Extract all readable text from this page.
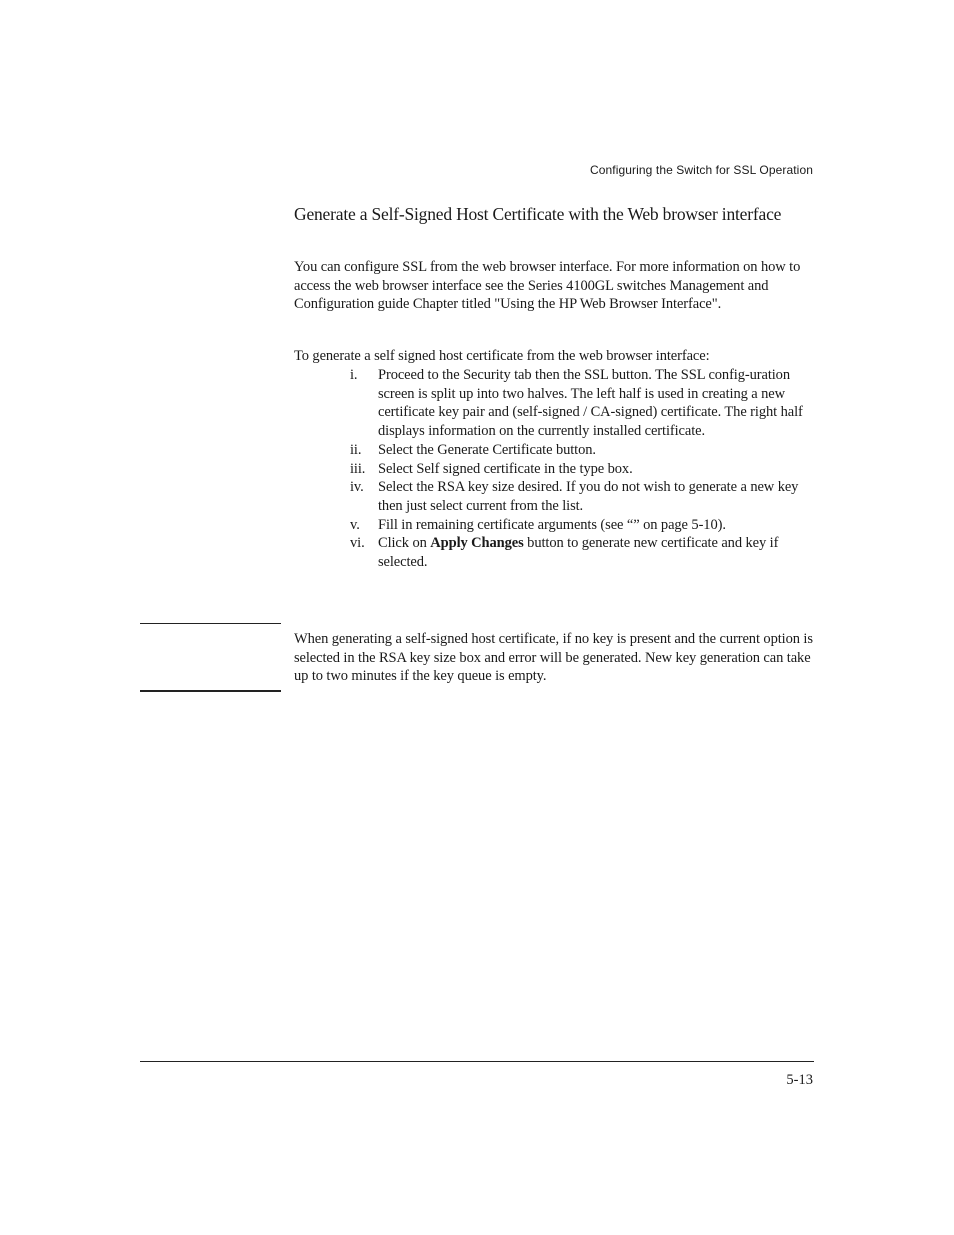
Configuring the Switch for SSL Operation
Generate a Self-Signed Host Certificate with the Web browser interface
You can configure SSL from the web browser interface. For more information on how to access the web browser interface see the Series 4100GL switches Management and Configuration guide Chapter titled "Using the HP Web Browser Interface".
To generate a self signed host certificate from the web browser interface:
i. Proceed to the Security tab then the SSL button. The SSL config-uration screen is split up into two halves. The left half is used in creating a new certificate key pair and (self-signed / CA-signed) certificate. The right half displays information on the currently installed certificate.
ii. Select the Generate Certificate button.
iii. Select Self signed certificate in the type box.
iv. Select the RSA key size desired. If you do not wish to generate a new key then just select current from the list.
v. Fill in remaining certificate arguments (see “” on page 5-10).
vi. Click on Apply Changes button to generate new certificate and key if selected.
When generating a self-signed host certificate, if no key is present and the current option is selected in the RSA key size box and error will be generated. New key generation can take up to two minutes if the key queue is empty.
5-13
